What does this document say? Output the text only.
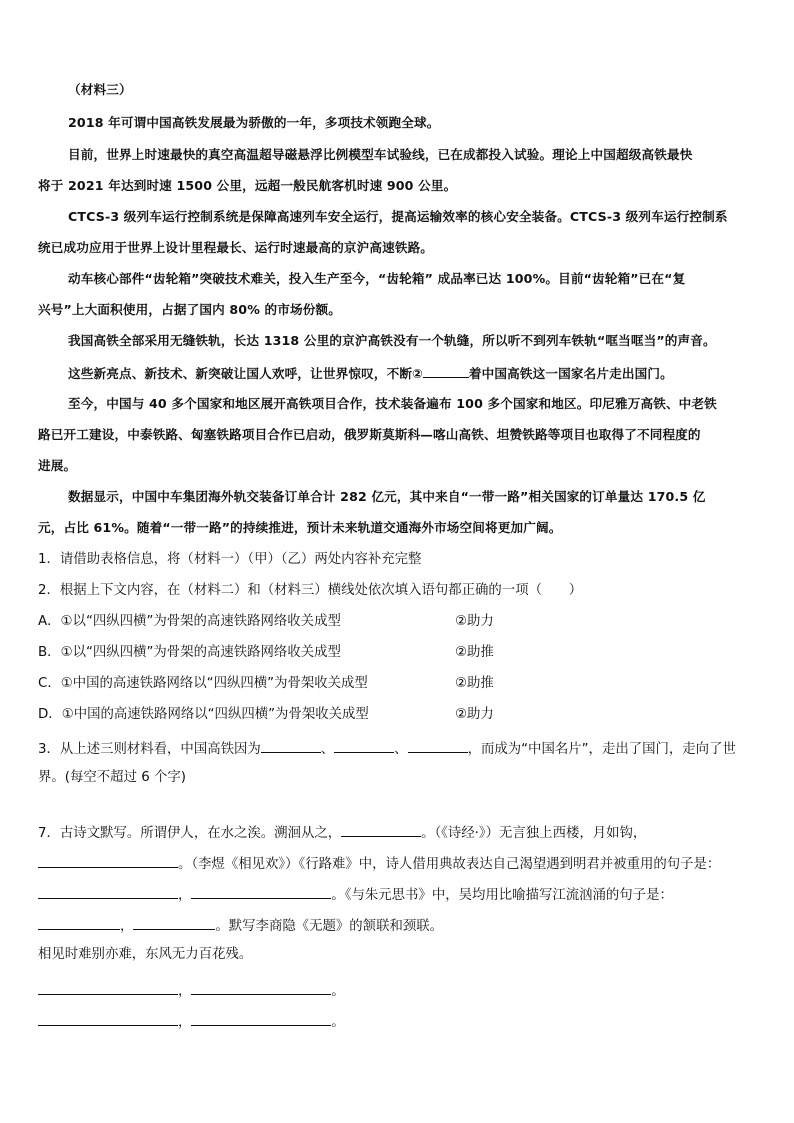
（材料三）
2018 年可谓中国高铁发展最为骄傲的一年，多项技术领跑全球。
目前，世界上时速最快的真空高温超导磁悬浮比例模型车试验线，已在成都投入试验。理论上中国超级高铁最快
将于 2021 年达到时速 1500 公里，远超一般民航客机时速 900 公里。
CTCS-3 级列车运行控制系统是保障高速列车安全运行，提高运输效率的核心安全装备。CTCS-3 级列车运行控制系
统已成功应用于世界上设计里程最长、运行时速最高的京沪高速铁路。
动车核心部件“齿轮箱”突破技术难关，投入生产至今，“齿轮箱” 成品率已达 100%。目前“齿轮箱”已在“复
兴号”上大面积使用，占据了国内 80% 的市场份额。
我国高铁全部采用无缝铁轨，长达 1318 公里的京沪高铁没有一个轨缝，所以听不到列车铁轨“哐当哐当”的声音。
这些新亮点、新技术、新突破让国人欢呼，让世界惊叹，不断②	着中国高铁这一国家名片走出国门。
至今，中国与 40 多个国家和地区展开高铁项目合作，技术装备遍布 100 多个国家和地区。印尼雅万高铁、中老铁
路已开工建设，中泰铁路、匈塞铁路项目合作已启动，俄罗斯莫斯科—喀山高铁、坦赞铁路等项目也取得了不同程度的
进展。
数据显示，中国中车集团海外轨交装备订单合计 282 亿元，其中来自“一带一路”相关国家的订单量达 170.5 亿
元，占比 61%。随着“一带一路”的持续推进，预计未来轨道交通海外市场空间将更加广阔。
1．请借助表格信息，将（材料一）（甲）（乙）两处内容补充完整
2．根据上下文内容，在（材料二）和（材料三）横线处依次填入语句都正确的一项（　　）
A．①以“四纵四横”为骨架的高速铁路网络收关成型	②助力
B．①以“四纵四横”为骨架的高速铁路网络收关成型	②助推
C．①中国的高速铁路网络以“四纵四横”为骨架收关成型	②助推
D．①中国的高速铁路网络以“四纵四横”为骨架收关成型	②助力
3．从上述三则材料看，中国高铁因为	、	、	，而成为“中国名片”，走出了国门，走向了世
界。(每空不超过 6 个字)
7．古诗文默写。所谓伊人，在水之涘。溯洄从之，	。（《诗经·》）无言独上西楼，月如钩，
。（李煜《相见欢》）《行路难》中，诗人借用典故表达自己渴望遇到明君并被重用的句子是：
，	。《与朱元思书》中，吴均用比喻描写江流汹涌的句子是：
，	。默写李商隐《无题》的颔联和颈联。
相见时难别亦难，东风无力百花残。
，	。
，	。
